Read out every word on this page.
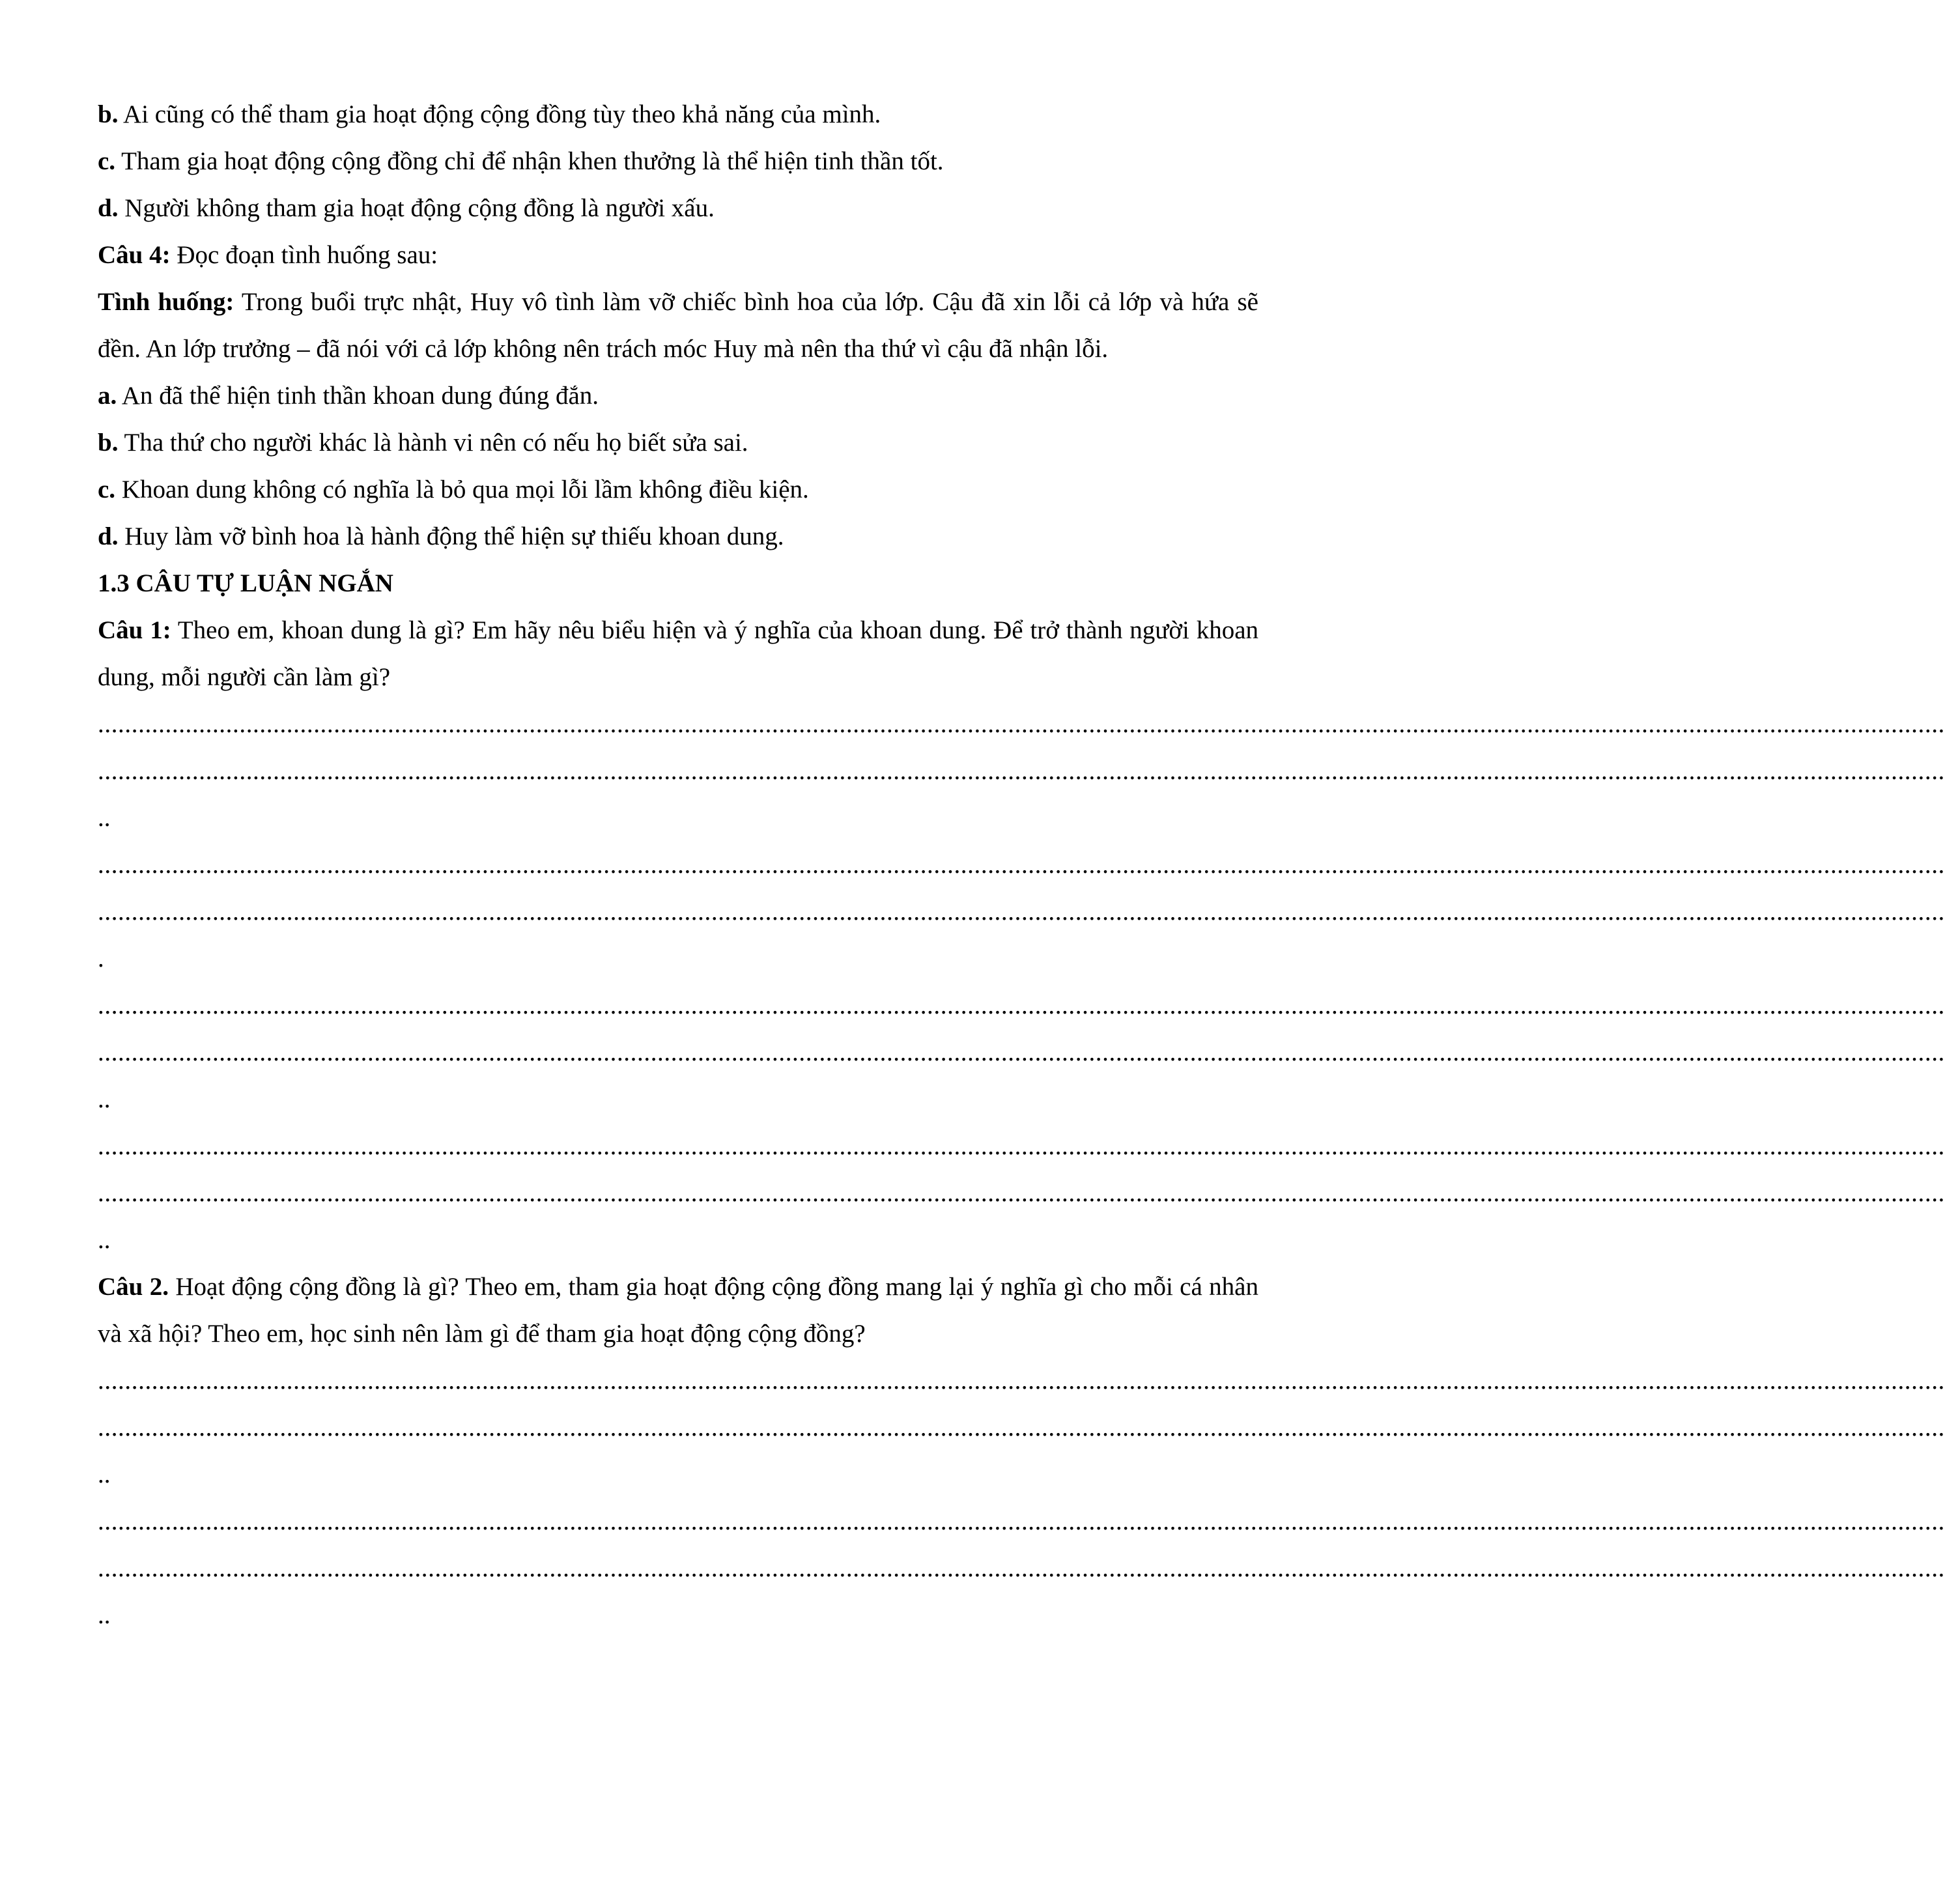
b. Ai cũng có thể tham gia hoạt động cộng đồng tùy theo khả năng của mình.
c. Tham gia hoạt động cộng đồng chỉ để nhận khen thưởng là thể hiện tinh thần tốt.
d. Người không tham gia hoạt động cộng đồng là người xấu.
Câu 4: Đọc đoạn tình huống sau:
Tình huống: Trong buổi trực nhật, Huy vô tình làm vỡ chiếc bình hoa của lớp. Cậu đã xin lỗi cả lớp và hứa sẽ đền. An lớp trưởng – đã nói với cả lớp không nên trách móc Huy mà nên tha thứ vì cậu đã nhận lỗi.
a. An đã thể hiện tinh thần khoan dung đúng đắn.
b. Tha thứ cho người khác là hành vi nên có nếu họ biết sửa sai.
c. Khoan dung không có nghĩa là bỏ qua mọi lỗi lầm không điều kiện.
d. Huy làm vỡ bình hoa là hành động thể hiện sự thiếu khoan dung.
1.3 CÂU TỰ LUẬN NGẮN
Câu 1: Theo em, khoan dung là gì? Em hãy nêu biểu hiện và ý nghĩa của khoan dung. Để trở thành người khoan dung, mỗi người cần làm gì?
..................................................................................................................................................................................................................................................................................
..................................................................................................................................................................................................................................................................................
..
..................................................................................................................................................................................................................................................................................
..................................................................................................................................................................................................................................................................................
.
..................................................................................................................................................................................................................................................................................
..................................................................................................................................................................................................................................................................................
..
..................................................................................................................................................................................................................................................................................
..................................................................................................................................................................................................................................................................................
..
Câu 2. Hoạt động cộng đồng là gì? Theo em, tham gia hoạt động cộng đồng mang lại ý nghĩa gì cho mỗi cá nhân và xã hội? Theo em, học sinh nên làm gì để tham gia hoạt động cộng đồng?
..................................................................................................................................................................................................................................................................................
..................................................................................................................................................................................................................................................................................
..
..................................................................................................................................................................................................................................................................................
..................................................................................................................................................................................................................................................................................
..
